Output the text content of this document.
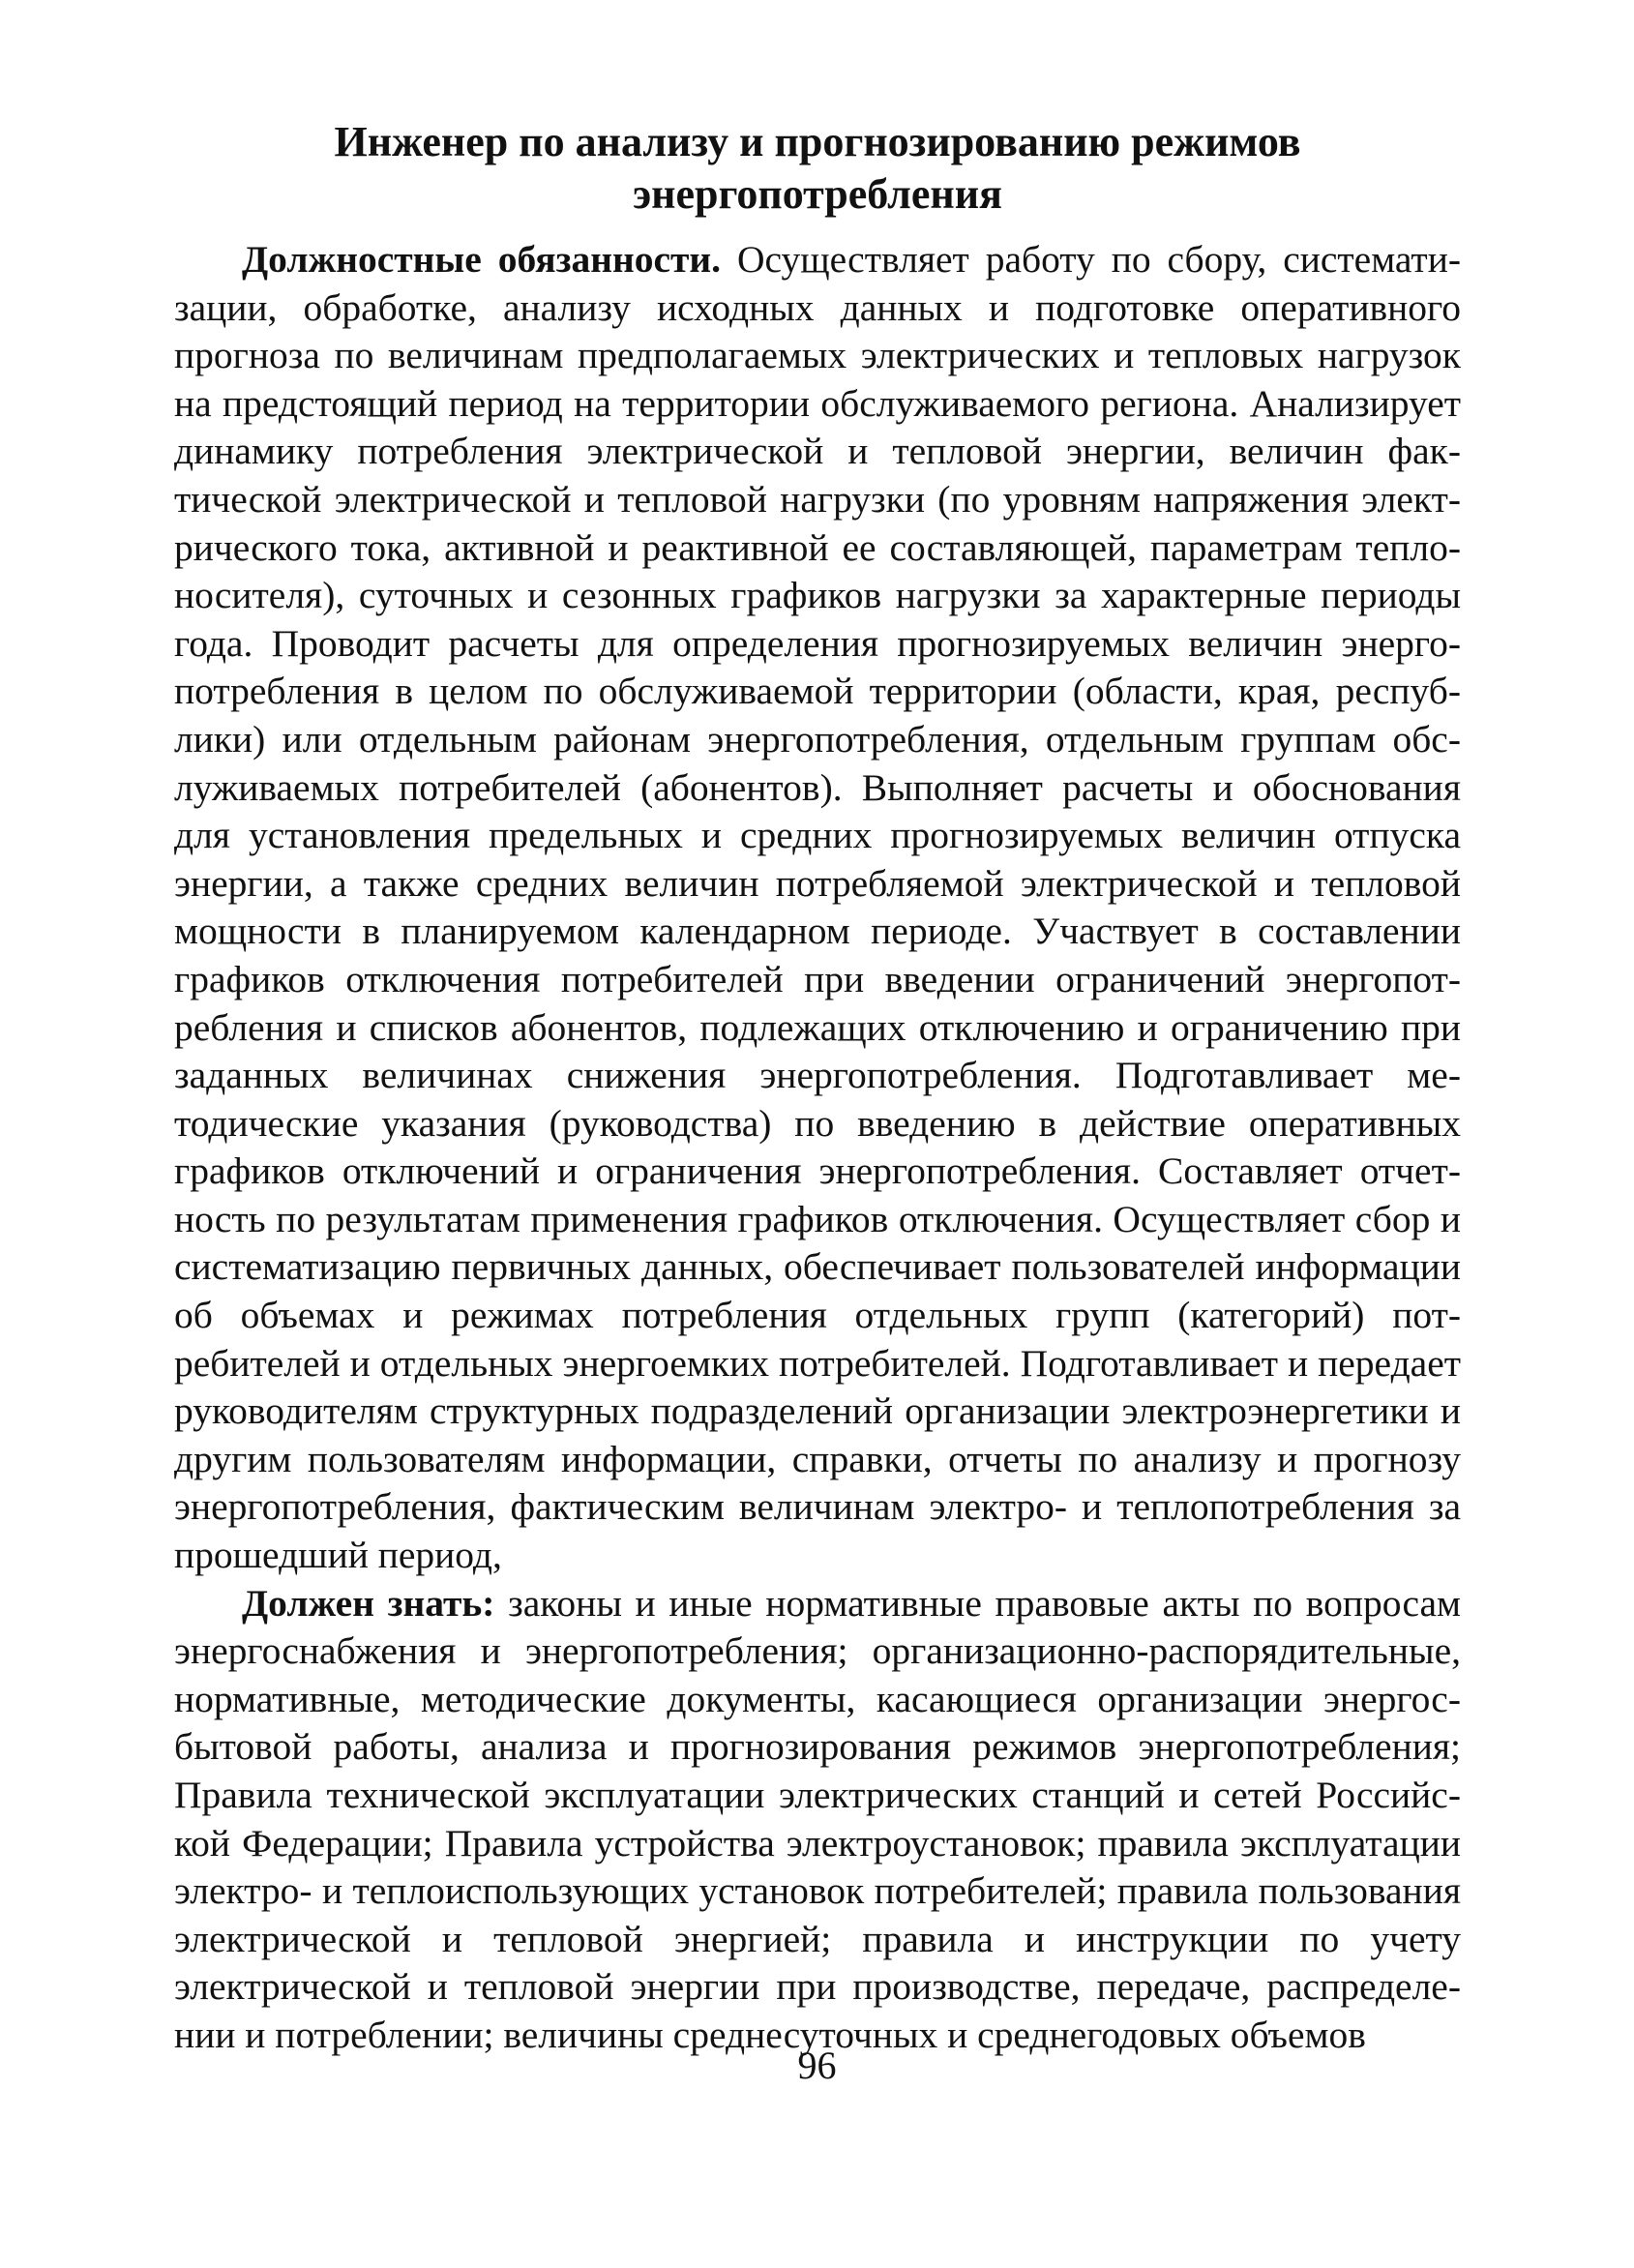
Инженер по анализу и прогнозированию режимов
энергопотребления

Должностные обязанности. Осуществляет работу по сбору, систематизации, обработке, анализу исходных данных и подготовке оперативного прогноза по величинам предполагаемых электрических и тепловых нагрузок на предстоящий период на территории обслуживаемого региона. Анализирует динамику потребления электрической и тепловой энергии, величин фактической электрической и тепловой нагрузки (по уровням напряжения электрического тока, активной и реактивной ее составляющей, параметрам теплоносителя), суточных и сезонных графиков нагрузки за характерные периоды года. Проводит расчеты для определения прогнозируемых величин энергопотребления в целом по обслуживаемой территории (области, края, республики) или отдельным районам энергопотребления, отдельным группам обслуживаемых потребителей (абонентов). Выполняет расчеты и обоснования для установления предельных и средних прогнозируемых величин отпуска энергии, а также средних величин потребляемой электрической и тепловой мощности в планируемом календарном периоде. Участвует в составлении графиков отключения потребителей при введении ограничений энергопотребления и списков абонентов, подлежащих отключению и ограничению при заданных величинах снижения энергопотребления. Подготавливает методические указания (руководства) по введению в действие оперативных графиков отключений и ограничения энергопотребления. Составляет отчетность по результатам применения графиков отключения. Осуществляет сбор и систематизацию первичных данных, обеспечивает пользователей информации об объемах и режимах потребления отдельных групп (категорий) потребителей и отдельных энергоемких потребителей. Подготавливает и передает руководителям структурных подразделений организации электроэнергетики и другим пользователям информации, справки, отчеты по анализу и прогнозу энергопотребления, фактическим величинам электро- и теплопотребления за прошедший период,

Должен знать: законы и иные нормативные правовые акты по вопросам энергоснабжения и энергопотребления; организационно-распорядительные, нормативные, методические документы, касающиеся организации энергосбытовой работы, анализа и прогнозирования режимов энергопотребления; Правила технической эксплуатации электрических станций и сетей Российской Федерации; Правила устройства электроустановок; правила эксплуатации электро- и теплоиспользующих установок потребителей; правила пользования электрической и тепловой энергией; правила и инструкции по учету электрической и тепловой энергии при производстве, передаче, распределении и потреблении; величины среднесуточных и среднегодовых объемов

96
